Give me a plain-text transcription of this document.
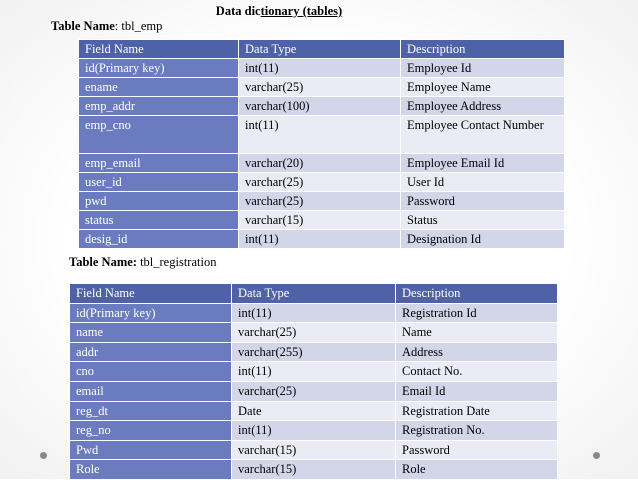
Data dictionary (tables)
Table Name: tbl_emp
Field Name	Data Type	Description
id(Primary key)	int(11)	Employee Id
ename	varchar(25)	Employee Name
emp_addr	varchar(100)	Employee Address
emp_cno	int(11)	Employee Contact Number
emp_email	varchar(20)	Employee Email Id
user_id	varchar(25)	User Id
pwd	varchar(25)	Password
status	varchar(15)	Status
desig_id	int(11)	Designation Id
Table Name: tbl_registration
Field Name	Data Type	Description
id(Primary key)	int(11)	Registration Id
name	varchar(25)	Name
addr	varchar(255)	Address
cno	int(11)	Contact No.
email	varchar(25)	Email Id
reg_dt	Date	Registration Date
reg_no	int(11)	Registration No.
Pwd	varchar(15)	Password
Role	varchar(15)	Role
